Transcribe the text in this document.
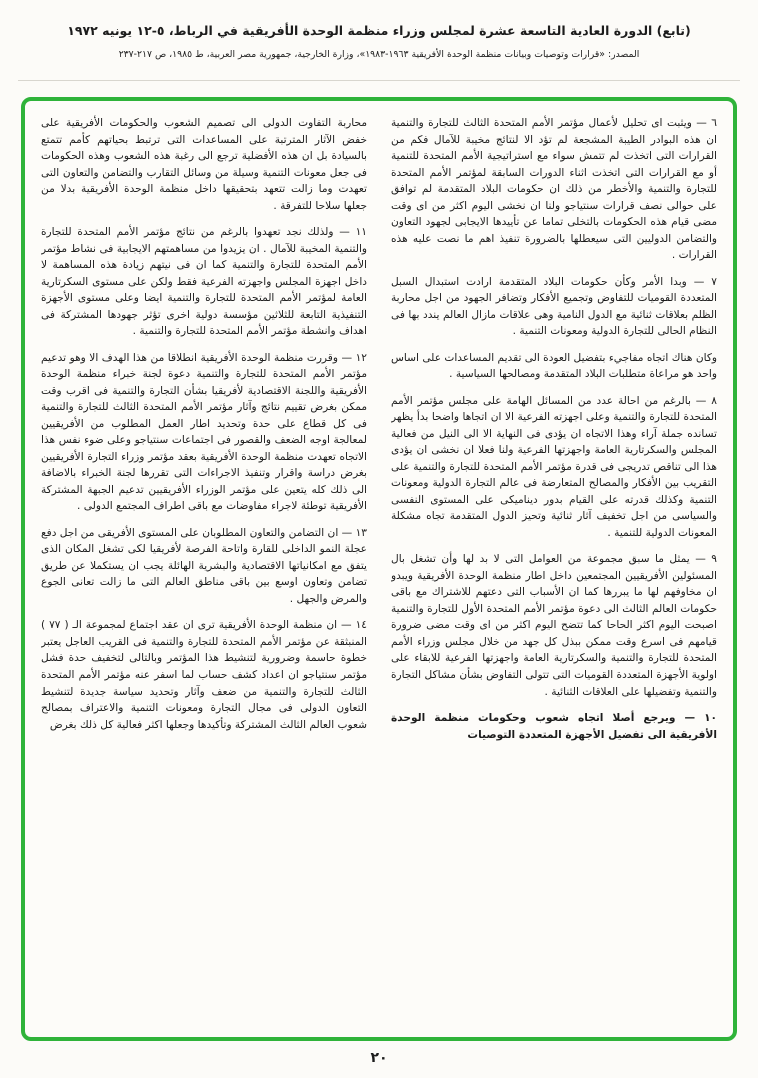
(تابع) الدورة العادية التاسعة عشرة لمجلس وزراء منظمة الوحدة الأفريقية في الرباط، ٥-١٢ يونيه ١٩٧٢
المصدر: «قرارات وتوصيات وبيانات منظمة الوحدة الأفريقية ١٩٦٣-١٩٨٣»، وزارة الخارجية، جمهورية مصر العربية، ط ١٩٨٥، ص ٢١٧-٢٣٧

٦ — ويثبت اى تحليل لأعمال مؤتمر الأمم المتحدة الثالث للتجارة والتنمية ان هذه البوادر الطيبة المشجعة لم تؤد الا لنتائج مخيبة للآمال فكم من القرارات التى اتخذت لم تتمش سواء مع استراتيجية الأمم المتحدة للتنمية أو مع القرارات التى اتخذت اثناء الدورات السابقة لمؤتمر الأمم المتحدة للتجارة والتنمية والأخطر من ذلك ان حكومات البلاد المتقدمة لم توافق على حوالى نصف قرارات سنتياجو ولنا ان نخشى اليوم اكثر من اى وقت مضى قيام هذه الحكومات بالتخلى تماما عن تأييدها الايجابى لجهود التعاون والتضامن الدوليين التى سيعطلها بالضرورة تنفيذ اهم ما نصت عليه هذه القرارات .

٧ — وبدا الأمر وكأن حكومات البلاد المتقدمة ارادت استبدال السبل المتعددة القوميات للتفاوض وتجميع الأفكار وتضافر الجهود من اجل محاربة الظلم بعلاقات ثنائية مع الدول النامية وهى علاقات مازال العالم يندد بها فى النظام الحالى للتجارة الدولية ومعونات التنمية .

وكان هناك اتجاه مفاجيء بتفضيل العودة الى تقديم المساعدات على اساس واحد هو مراعاة متطلبات البلاد المتقدمة ومصالحها السياسية .

٨ — بالرغم من احالة عدد من المسائل الهامة على مجلس مؤتمر الأمم المتحدة للتجارة والتنمية وعلى اجهزته الفرعية الا ان اتجاها واضحا بدأ يظهر تسانده جملة آراء وهذا الاتجاه ان يؤدى فى النهاية الا الى النيل من فعالية المجلس والسكرتارية العامة واجهزتها الفرعية ولنا فعلا ان نخشى ان يؤدى هذا الى تناقص تدريجى فى قدرة مؤتمر الأمم المتحدة للتجارة والتنمية على التقريب بين الأفكار والمصالح المتعارضة فى عالم التجارة الدولية ومعونات التنمية وكذلك قدرته على القيام بدور ديناميكى على المستوى النفسى والسياسى من اجل تخفيف آثار ثنائية وتحيز الدول المتقدمة تجاه مشكلة المعونات الدولية للتنمية .

٩ — يمثل ما سبق مجموعة من العوامل التى لا بد لها وأن تشغل بال المسئولين الأفريقيين المجتمعين داخل اطار منظمة الوحدة الأفريقية ويبدو ان مخاوفهم لها ما يبررها كما ان الأسباب التى دعتهم للاشتراك مع باقى حكومات العالم الثالث الى دعوة مؤتمر الأمم المتحدة الأول للتجارة والتنمية اصبحت اليوم اكثر الحاحا كما تتضح اليوم اكثر من اى وقت مضى ضرورة قيامهم فى اسرع وقت ممكن ببذل كل جهد من خلال مجلس وزراء الأمم المتحدة للتجارة والتنمية والسكرتارية العامة واجهزتها الفرعية للابقاء على اولوية الأجهزة المتعددة القوميات التى تتولى التفاوض بشأن مشاكل التجارة والتنمية وتفضيلها على العلاقات الثنائية .

١٠ — ويرجع أصلا اتجاه شعوب وحكومات منظمة الوحدة الأفريقية الى تفضيل الأجهزة المتعددة التوصيات

محاربة التفاوت الدولى الى تصميم الشعوب والحكومات الأفريقية على خفض الآثار المترتبة على المساعدات التى ترتبط بحياتهم كأمم تتمتع بالسيادة بل ان هذه الأفضلية ترجع الى رغبة هذه الشعوب وهذه الحكومات فى جعل معونات التنمية وسيلة من وسائل التقارب والتضامن والتعاون التى تعهدت وما زالت تتعهد بتحقيقها داخل منظمة الوحدة الأفريقية بدلا من جعلها سلاحا للتفرقة .

١١ — ولذلك نجد تعهدوا بالرغم من نتائج مؤتمر الأمم المتحدة للتجارة والتنمية المخيبة للآمال . ان يزيدوا من مساهمتهم الايجابية فى نشاط مؤتمر الأمم المتحدة للتجارة والتنمية كما ان فى نيتهم زيادة هذه المساهمة لا داخل اجهزة المجلس واجهزته الفرعية فقط ولكن على مستوى السكرتارية العامة لمؤتمر الأمم المتحدة للتجارة والتنمية ايضا وعلى مستوى الأجهزة التنفيذية التابعة للثلاثين مؤسسة دولية اخرى تؤثر جهودها المشتركة فى اهداف وانشطة مؤتمر الأمم المتحدة للتجارة والتنمية .

١٢ — وقررت منظمة الوحدة الأفريقية انطلاقا من هذا الهدف الا وهو تدعيم مؤتمر الأمم المتحدة للتجارة والتنمية دعوة لجنة خبراء منظمة الوحدة الأفريقية واللجنة الاقتصادية لأفريقيا بشأن التجارة والتنمية فى اقرب وقت ممكن بغرض تقييم نتائج وآثار مؤتمر الأمم المتحدة الثالث للتجارة والتنمية فى كل قطاع على حدة وتحديد اطار العمل المطلوب من الأفريقيين لمعالجة اوجه الضعف والقصور فى اجتماعات سنتياجو وعلى ضوء نفس هذا الاتجاه تعهدت منظمة الوحدة الأفريقية بعقد مؤتمر وزراء التجارة الأفريقيين بغرض دراسة واقرار وتنفيذ الاجراءات التى تقررها لجنة الخبراء بالاضافة الى ذلك كله يتعين على مؤتمر الوزراء الأفريقيين تدعيم الجبهة المشتركة الأفريقية توطئة لاجراء مفاوضات مع باقى اطراف المجتمع الدولى .

١٣ — ان التضامن والتعاون المطلوبان على المستوى الأفريقى من اجل دفع عجلة النمو الداخلى للقارة واتاحة الفرصة لأفريقيا لكى تشغل المكان الذى يتفق مع امكانياتها الاقتصادية والبشرية الهائلة يجب ان يستكملا عن طريق تضامن وتعاون اوسع بين باقى مناطق العالم التى ما زالت تعانى الجوع والمرض والجهل .

١٤ — ان منظمة الوحدة الأفريقية ترى ان عقد اجتماع لمجموعة الـ ( ٧٧ ) المنبثقة عن مؤتمر الأمم المتحدة للتجارة والتنمية فى القريب العاجل يعتبر خطوة حاسمة وضرورية لتنشيط هذا المؤتمر وبالتالى لتخفيف حدة فشل مؤتمر سنتياجو ان اعداد كشف حساب لما اسفر عنه مؤتمر الأمم المتحدة الثالث للتجارة والتنمية من ضعف وآثار وتحديد سياسة جديدة لتنشيط التعاون الدولى فى مجال التجارة ومعونات التنمية والاعتراف بمصالح شعوب العالم الثالث المشتركة وتأكيدها وجعلها اكثر فعالية كل ذلك بغرض

٢٠
